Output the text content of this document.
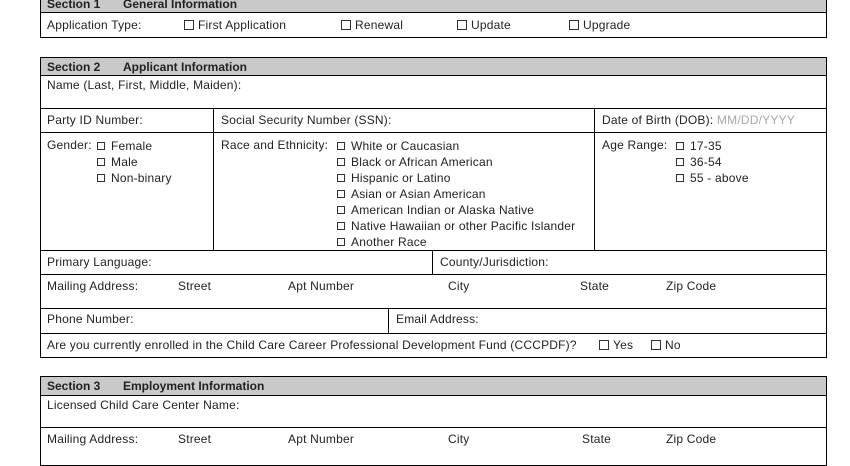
Section 1 General Information
Application Type:	First Application	Renewal	Update	Upgrade
Section 2 Applicant Information
Name (Last, First, Middle, Maiden):
Party ID Number:	Social Security Number (SSN):	Date of Birth (DOB): MM/DD/YYYY
Gender:	Female
Male
Non-binary
Race and Ethnicity:	White or Caucasian
Black or African American
Hispanic or Latino
Asian or Asian American
American Indian or Alaska Native
Native Hawaiian or other Pacific Islander
Another Race
Age Range:	17-35
36-54
55 - above
Primary Language:	County/Jurisdiction:
Mailing Address:	Street	Apt Number	City	State	Zip Code
Phone Number:	Email Address:
Are you currently enrolled in the Child Care Career Professional Development Fund (CCCPDF)?	Yes	No
Section 3 Employment Information
Licensed Child Care Center Name:
Mailing Address:	Street	Apt Number	City	State	Zip Code
